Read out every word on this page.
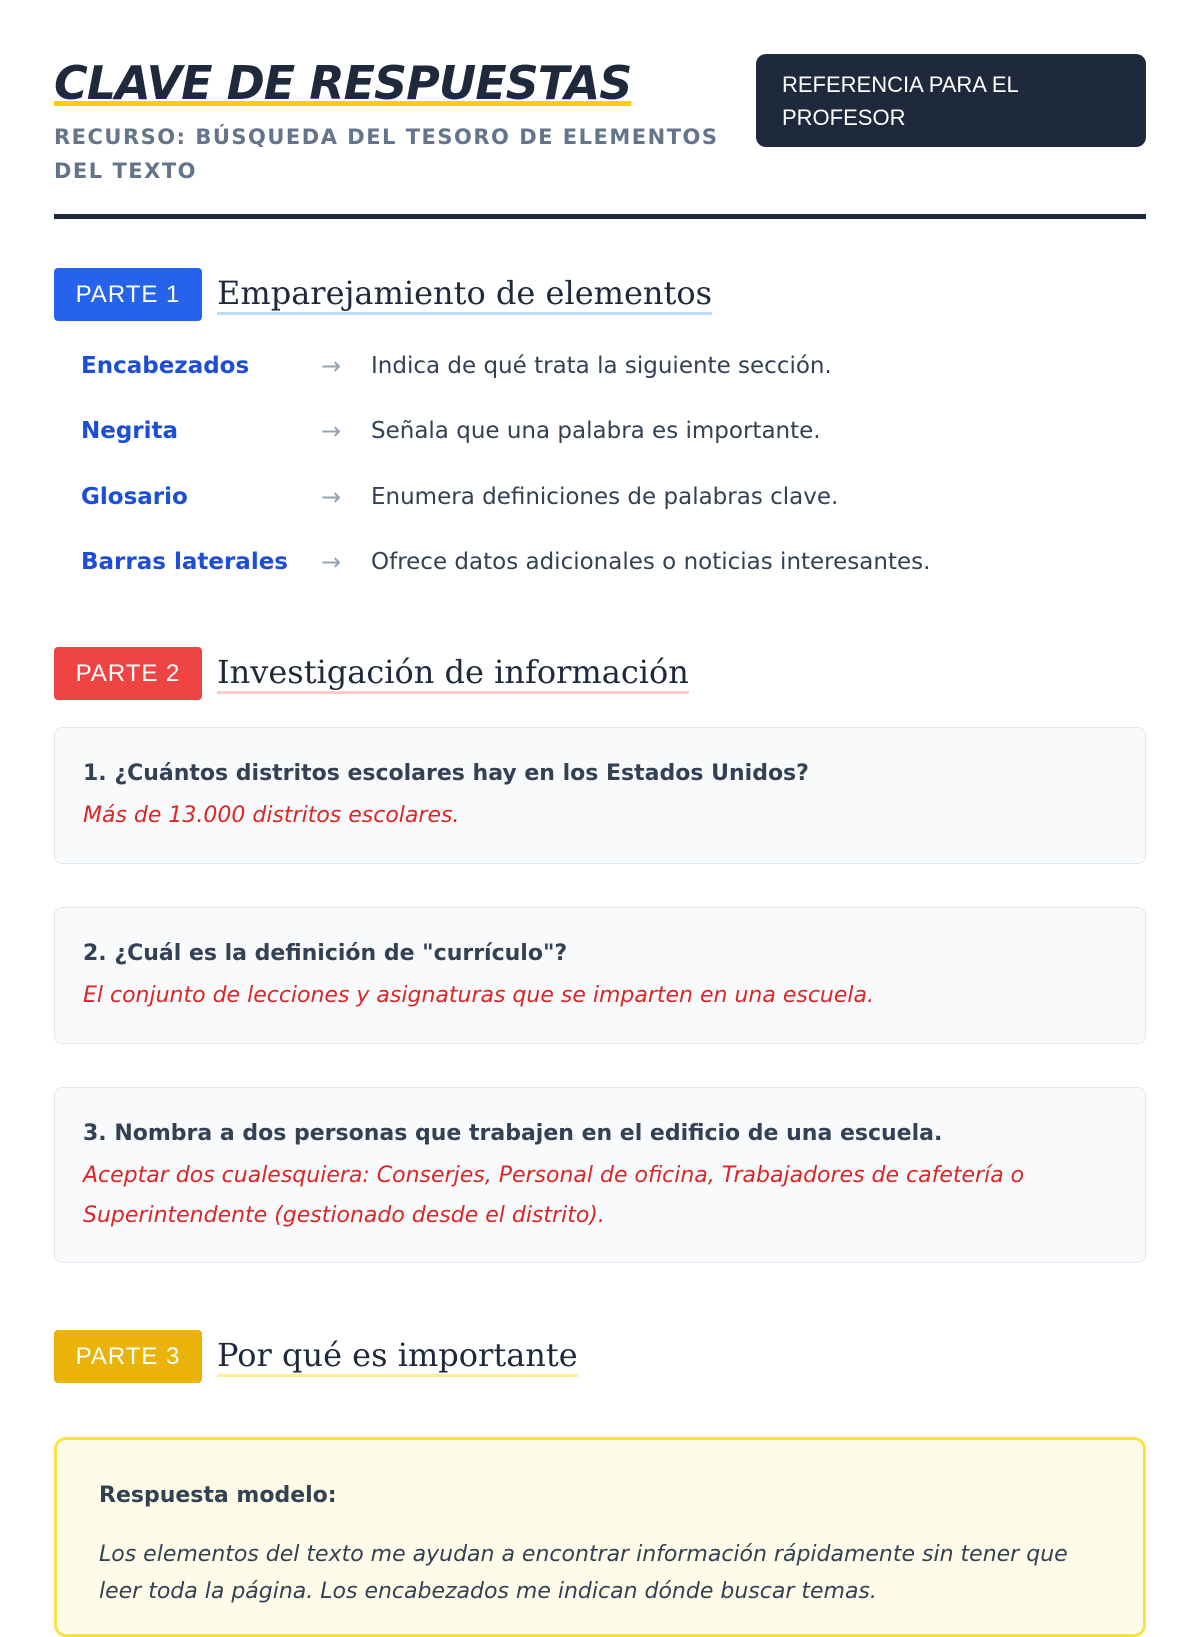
CLAVE DE RESPUESTAS
RECURSO: BÚSQUEDA DEL TESORO DE ELEMENTOS DEL TEXTO
REFERENCIA PARA EL PROFESOR
PARTE 1	Emparejamiento de elementos
Encabezados	→	Indica de qué trata la siguiente sección.
Negrita	→	Señala que una palabra es importante.
Glosario	→	Enumera definiciones de palabras clave.
Barras laterales	→	Ofrece datos adicionales o noticias interesantes.
PARTE 2	Investigación de información
1. ¿Cuántos distritos escolares hay en los Estados Unidos?
Más de 13.000 distritos escolares.
2. ¿Cuál es la definición de "currículo"?
El conjunto de lecciones y asignaturas que se imparten en una escuela.
3. Nombra a dos personas que trabajen en el edificio de una escuela.
Aceptar dos cualesquiera: Conserjes, Personal de oficina, Trabajadores de cafetería o Superintendente (gestionado desde el distrito).
PARTE 3	Por qué es importante
Respuesta modelo:
Los elementos del texto me ayudan a encontrar información rápidamente sin tener que leer toda la página. Los encabezados me indican dónde buscar temas.
